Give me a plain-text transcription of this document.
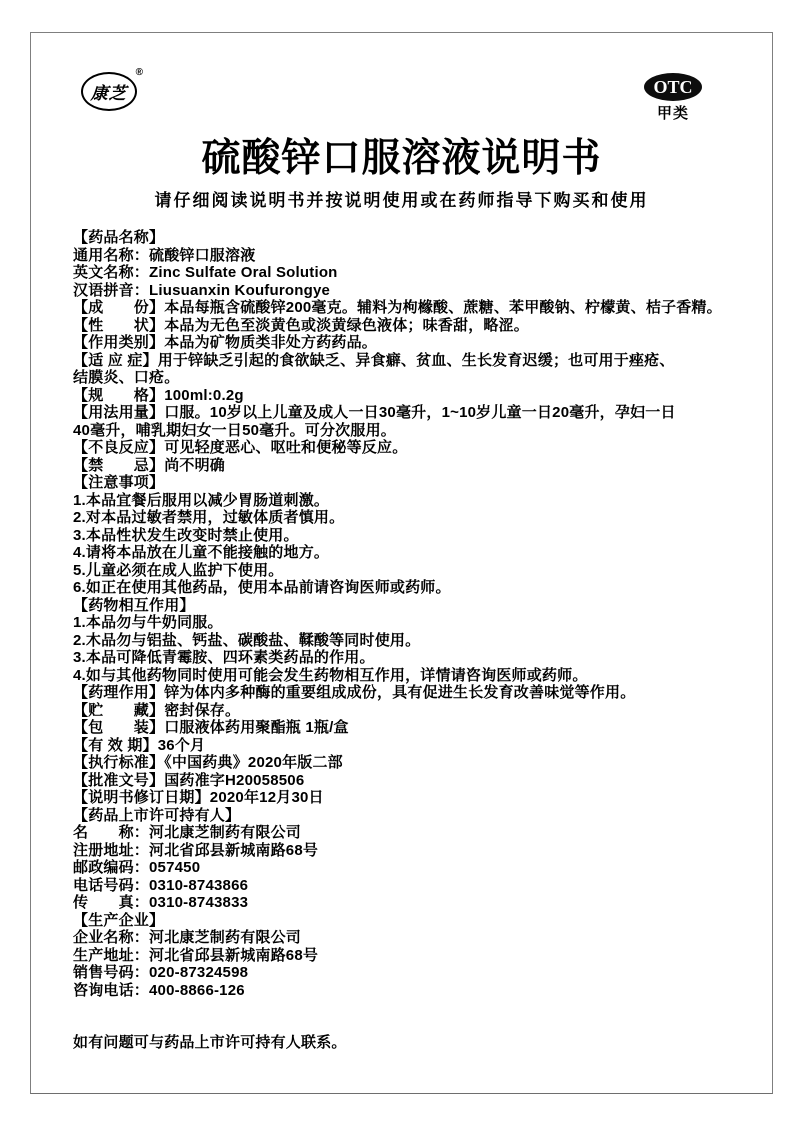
康芝
®
OTC
甲类
硫酸锌口服溶液说明书
请仔细阅读说明书并按说明使用或在药师指导下购买和使用
【药品名称】
通用名称：硫酸锌口服溶液
英文名称：Zinc Sulfate Oral Solution
汉语拼音：Liusuanxin Koufurongye
【成　　份】本品每瓶含硫酸锌200毫克。辅料为枸橼酸、蔗糖、苯甲酸钠、柠檬黄、桔子香精。
【性　　状】本品为无色至淡黄色或淡黄绿色液体；味香甜，略涩。
【作用类别】本品为矿物质类非处方药药品。
【适 应 症】用于锌缺乏引起的食欲缺乏、异食癖、贫血、生长发育迟缓；也可用于痤疮、
结膜炎、口疮。
【规　　格】100ml:0.2g
【用法用量】口服。10岁以上儿童及成人一日30毫升，1~10岁儿童一日20毫升，孕妇一日
40毫升，哺乳期妇女一日50毫升。可分次服用。
【不良反应】可见轻度恶心、呕吐和便秘等反应。
【禁　　忌】尚不明确
【注意事项】
1.本品宜餐后服用以减少胃肠道刺激。
2.对本品过敏者禁用，过敏体质者慎用。
3.本品性状发生改变时禁止使用。
4.请将本品放在儿童不能接触的地方。
5.儿童必须在成人监护下使用。
6.如正在使用其他药品，使用本品前请咨询医师或药师。
【药物相互作用】
1.本品勿与牛奶同服。
2.木品勿与铝盐、钙盐、碳酸盐、鞣酸等同时使用。
3.本品可降低青霉胺、四环素类药品的作用。
4.如与其他药物同时使用可能会发生药物相互作用，详情请咨询医师或药师。
【药理作用】锌为体内多种酶的重要组成成份，具有促进生长发育改善味觉等作用。
【贮　　藏】密封保存。
【包　　装】口服液体药用聚酯瓶 1瓶/盒
【有 效 期】36个月
【执行标准】《中国药典》2020年版二部
【批准文号】国药准字H20058506
【说明书修订日期】2020年12月30日
【药品上市许可持有人】
名　　称：河北康芝制药有限公司
注册地址：河北省邱县新城南路68号
邮政编码：057450
电话号码：0310-8743866
传　　真：0310-8743833
【生产企业】
企业名称：河北康芝制药有限公司
生产地址：河北省邱县新城南路68号
销售号码：020-87324598
咨询电话：400-8866-126
如有问题可与药品上市许可持有人联系。
